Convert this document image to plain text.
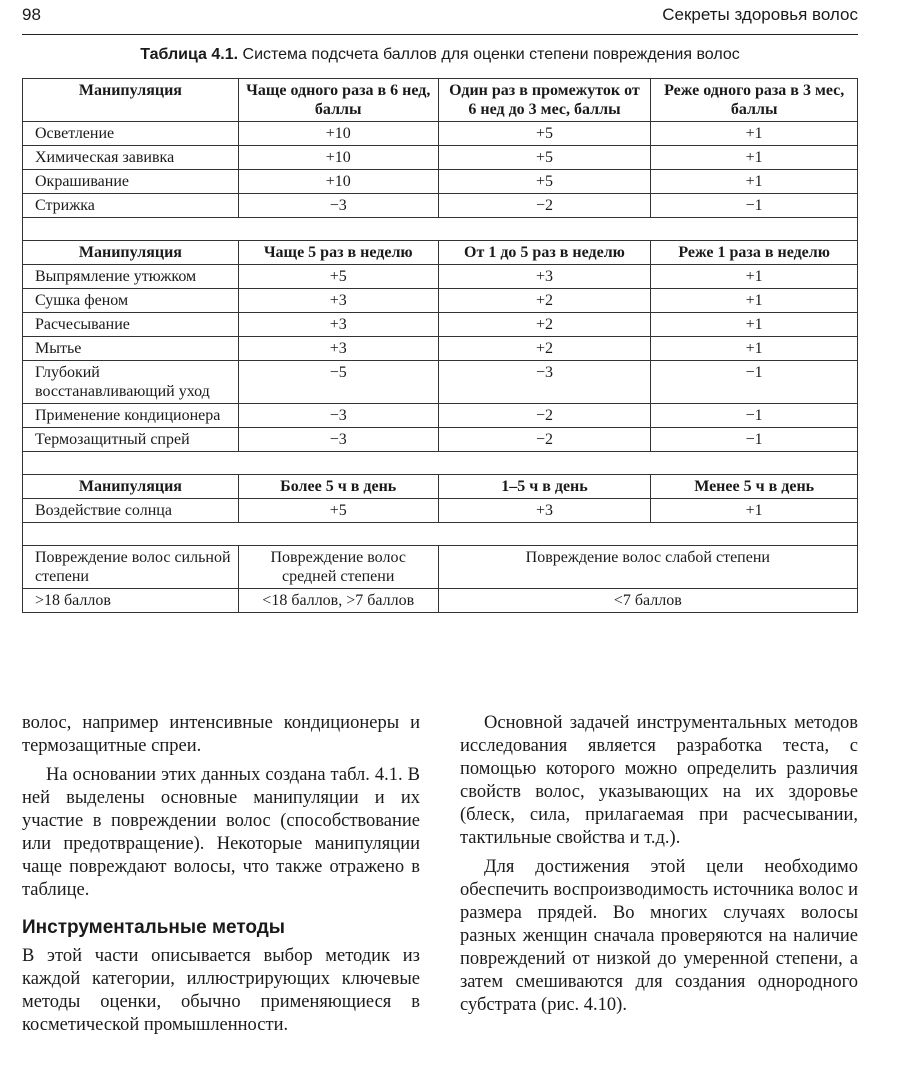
98	Секреты здоровья волос
Таблица 4.1. Система подсчета баллов для оценки степени повреждения волос
Манипуляция	Чаще одного раза в 6 нед, баллы	Один раз в промежуток от 6 нед до 3 мес, баллы	Реже одного раза в 3 мес, баллы
Осветление	+10	+5	+1
Химическая завивка	+10	+5	+1
Окрашивание	+10	+5	+1
Стрижка	−3	−2	−1

Манипуляция	Чаще 5 раз в неделю	От 1 до 5 раз в неделю	Реже 1 раза в неделю
Выпрямление утюжком	+5	+3	+1
Сушка феном	+3	+2	+1
Расчесывание	+3	+2	+1
Мытье	+3	+2	+1
Глубокий восстанавливающий уход	−5	−3	−1
Применение кондиционера	−3	−2	−1
Термозащитный спрей	−3	−2	−1

Манипуляция	Более 5 ч в день	1–5 ч в день	Менее 5 ч в день
Воздействие солнца	+5	+3	+1

Повреждение волос сильной степени	Повреждение волос средней степени	Повреждение волос слабой степени	
>18 баллов	<18 баллов, >7 баллов	<7 баллов	

волос, например интенсивные кондиционеры и термозащитные спреи.

На основании этих данных создана табл. 4.1. В ней выделены основные манипуляции и их участие в повреждении волос (способствование или предотвращение). Некоторые манипуляции чаще повреждают волосы, что также отражено в таблице.

Инструментальные методы

В этой части описывается выбор методик из каждой категории, иллюстрирующих ключевые методы оценки, обычно применяющиеся в косметической промышленности.

Основной задачей инструментальных методов исследования является разработка теста, с помощью которого можно определить различия свойств волос, указывающих на их здоровье (блеск, сила, прилагаемая при расчесывании, тактильные свойства и т.д.).

Для достижения этой цели необходимо обеспечить воспроизводимость источника волос и размера прядей. Во многих случаях волосы разных женщин сначала проверяются на наличие повреждений от низкой до умеренной степени, а затем смешиваются для создания однородного субстрата (рис. 4.10).
